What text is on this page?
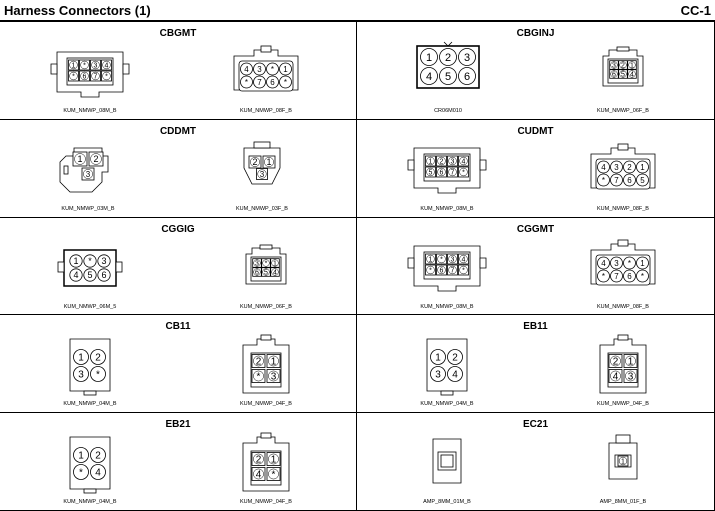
Harness Connectors (1)	CC-1
CBGMT
1 * 3 4
* 6 7 *
4 3 * 1
* 7 6 *
KUM_NMWP_08M_B	KUM_NMWP_08F_B
CBGINJ
1 2 3
4 5 6
3 2 1
6 5 4
CR06M010	KUM_NMWP_06F_B
CDDMT
1 2
3
2 1
3
KUM_NMWP_03M_B	KUM_NMWP_03F_B
CUDMT
1 2 3 4
5 6 7 *
4 3 2 1
* 7 6 5
KUM_NMWP_08M_B	KUM_NMWP_08F_B
CGGIG
1 * 3
4 5 6
3 * 1
6 5 4
KUM_NMWP_06M_5	KUM_NMWP_06F_B
CGGMT
1 * 3 4
* 6 7 *
4 3 * 1
* 7 6 *
KUM_NMWP_08M_B	KUM_NMWP_08F_B
CB11
1 2
3 *
2 1
* 3
KUM_NMWP_04M_B	KUM_NMWP_04F_B
EB11
1 2
3 4
2 1
4 3
KUM_NMWP_04M_B	KUM_NMWP_04F_B
EB21
1 2
* 4
2 1
4 *
KUM_NMWP_04M_B	KUM_NMWP_04F_B
EC21
1
AMP_8MM_01M_B	AMP_8MM_01F_B
